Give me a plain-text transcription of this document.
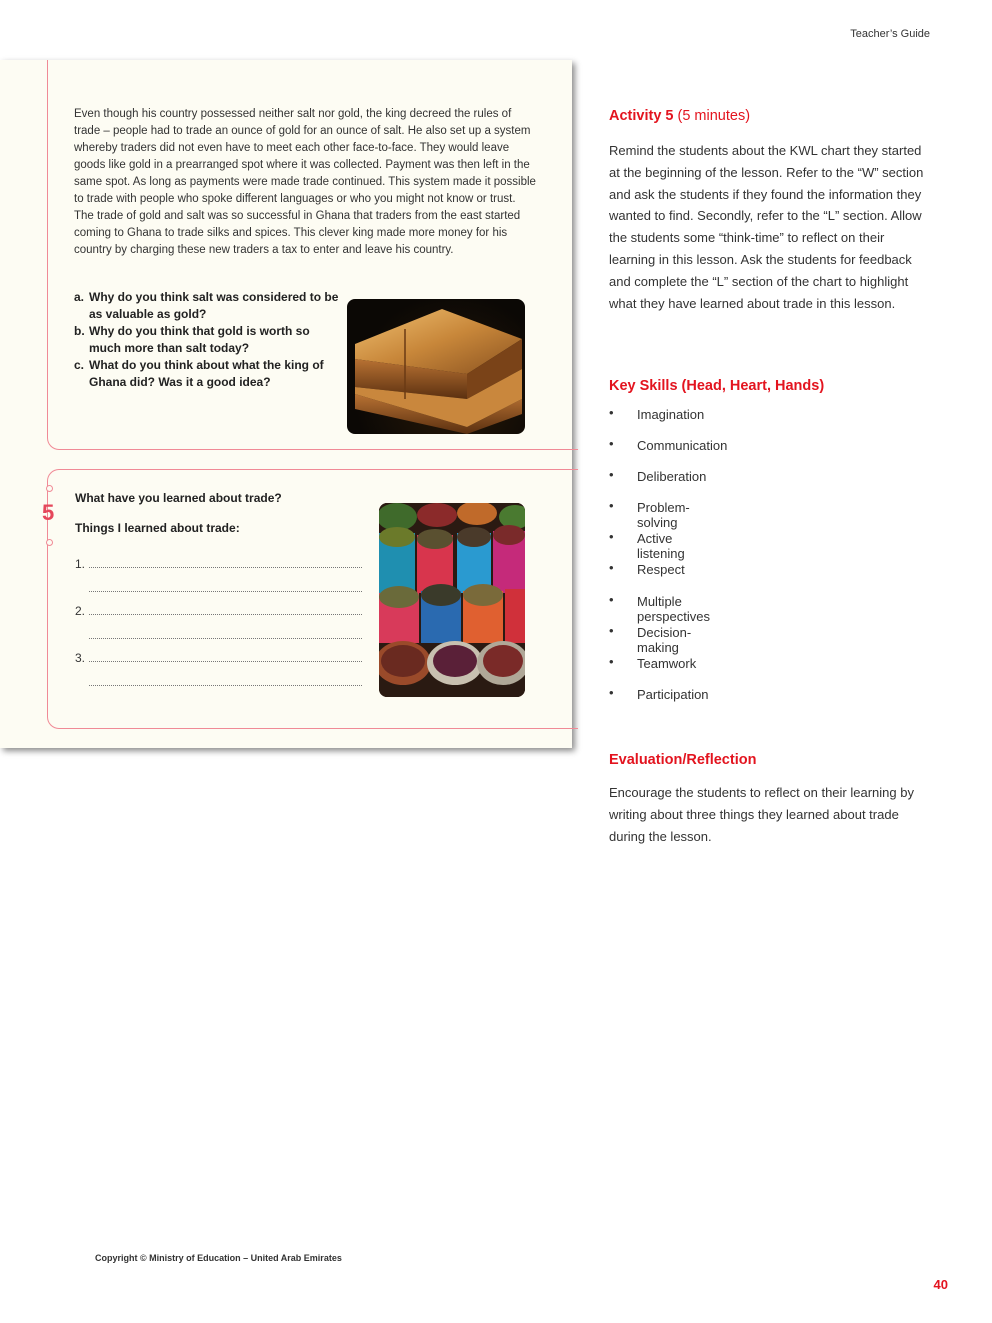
Teacher’s Guide

Even though his country possessed neither salt nor gold, the king decreed the rules of trade – people had to trade an ounce of gold for an ounce of salt. He also set up a system whereby traders did not even have to meet each other face-to-face. They would leave goods like gold in a prearranged spot where it was collected. Payment was then left in the same spot. As long as payments were made trade continued. This system made it possible to trade with people who spoke different languages or who you might not know or trust.

The trade of gold and salt was so successful in Ghana that traders from the east started coming to Ghana to trade silks and spices. This clever king made more money for his country by charging these new traders a tax to enter and leave his country.

a. Why do you think salt was considered to be as valuable as gold?
b. Why do you think that gold is worth so much more than salt today?
c. What do you think about what the king of Ghana did? Was it a good idea?
5
What have you learned about trade?
Things I learned about trade:
1.
2.
3.
Activity 5 (5 minutes)

Remind the students about the KWL chart they started at the beginning of the lesson. Refer to the “W” section and ask the students if they found the information they wanted to find. Secondly, refer to the “L” section. Allow the students some “think-time” to reflect on their learning in this lesson. Ask the students for feedback and complete the “L” section of the chart to highlight what they have learned about trade in this lesson.

Key Skills (Head, Heart, Hands)
• Imagination
• Communication
• Deliberation
• Problem-solving
• Active listening
• Respect
• Multiple perspectives
• Decision-making
• Teamwork
• Participation
Evaluation/Reflection

Encourage the students to reflect on their learning by writing about three things they learned about trade during the lesson.

Copyright © Ministry of Education – United Arab Emirates
40
